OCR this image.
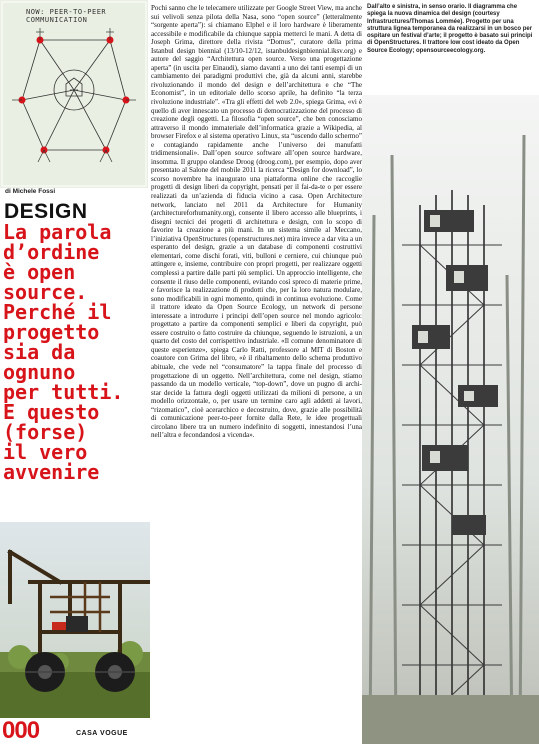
NOW: PEER-TO-PEER COMMUNICATION
di Michele Fossi
DESIGN
La parola
d’ordine
è open
source.
Perché il
progetto
sia da
ognuno
per tutti.
E questo
(forse)
il vero
avvenire

Pochi sanno che le telecamere utilizzate per Google Street View, ma anche sui velivoli senza pilota della Nasa, sono “open source” (letteralmente “sorgente aperta”): si chiamano Elphel e il loro hardware è liberamente accessibile e modificabile da chiunque sappia metterci le mani. A detta di Joseph Grima, direttore della rivista “Domus”, curatore della prima Istanbul design biennial (13/10-12/12, istanbuldesignbiennial.iksv.org) e autore del saggio “Architettura open source. Verso una progettazione aperta” (in uscita per Einaudi), siamo davanti a uno dei tanti esempi di un cambiamento dei paradigmi produttivi che, già da alcuni anni, starebbe rivoluzionando il mondo del design e dell’architettura e che “The Economist”, in un editoriale dello scorso aprile, ha definito “la terza rivoluzione industriale”. «Tra gli effetti del web 2.0», spiega Grima, «vi è quello di aver innescato un processo di democratizzazione del processo di creazione degli oggetti. La filosofia “open source”, che ben conosciamo attraverso il mondo immateriale dell’informatica grazie a Wikipedia, al browser Firefox e al sistema operativo Linux, sta “uscendo dallo schermo” e contagiando rapidamente anche l’universo dei manufatti tridimensionali». Dall’open source software all’open source hardware, insomma. Il gruppo olandese Droog (droog.com), per esempio, dopo aver presentato al Salone del mobile 2011 la ricerca “Design for download”, lo scorso novembre ha inaugurato una piattaforma online che raccoglie progetti di design liberi da copyright, pensati per il fai-da-te o per essere realizzati da un’azienda di fiducia vicino a casa. Open Architecture network, lanciato nel 2011 da Architecture for Humanity (architectureforhumanity.org), consente il libero accesso alle blueprints, i disegni tecnici dei progetti di architettura e design, con lo scopo di favorire la creazione a più mani. In un sistema simile al Meccano, l’iniziativa OpenStructures (openstructures.net) mira invece a dar vita a un esperanto del design, grazie a un database di componenti costruttivi elementari, come dischi forati, viti, bulloni e cerniere, cui chiunque può attingere e, insieme, contribuire con propri progetti, per realizzare oggetti complessi a partire dalle parti più semplici. Un approccio intelligente, che consente il riuso delle componenti, evitando così spreco di materie prime, e favorisce la realizzazione di prodotti che, per la loro natura modulare, sono modificabili in ogni momento, quindi in continua evoluzione. Come il trattore ideato da Open Source Ecology, un network di persone interessate a introdurre i principi dell’open source nel mondo agricolo: progettato a partire da componenti semplici e liberi da copyright, può essere costruito o fatto costruire da chiunque, seguendo le istruzioni, a un quarto del costo del corrispettivo industriale. «Il comune denominatore di queste esperienze», spiega Carlo Ratti, professore al MIT di Boston e coautore con Grima del libro, «è il ribaltamento dello schema produttivo abituale, che vede nel “consumatore” la tappa finale del processo di progettazione di un oggetto. Nell’architettura, come nel design, stiamo passando da un modello verticale, “top-down”, dove un pugno di archi-star decide la fattura degli oggetti utilizzati da milioni di persone, a un modello orizzontale, o, per usare un termine caro agli addetti ai lavori, “rizomatico”, cioè acerarchico e decostruito, dove, grazie alle possibilità di comunicazione peer-to-peer fornite dalla Rete, le idee progettuali circolano libere tra un numero indefinito di soggetti, innestandosi l’una nell’altra e fecondandosi a vicenda».

Dall’alto e sinistra, in senso orario. Il diagramma che spiega la nuova dinamica del design (courtesy Infrastructures/Thomas Lommée). Progetto per una struttura lignea temporanea da realizzarsi in un bosco per ospitare un festival d’arte; il progetto è basato sui principi di OpenStructures. Il trattore low cost ideato da Open Source Ecology; opensourceecology.org.
000	CASA VOGUE
